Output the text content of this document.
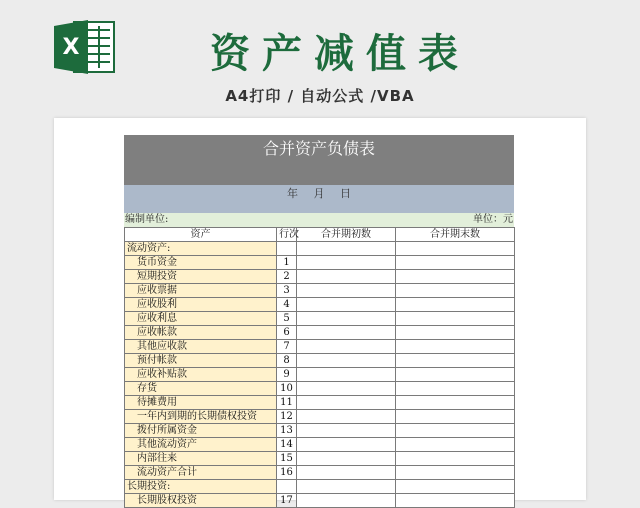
X	资产减值表
A4打印 / 自动公式 /VBA
合并资产负债表
年 月 日
编制单位:	单位：元
资产	行次	合并期初数	合并期末数
流动资产:			
货币资金	1		
短期投资	2		
应收票据	3		
应收股利	4		
应收利息	5		
应收帐款	6		
其他应收款	7		
预付帐款	8		
应收补贴款	9		
存货	10		
待摊费用	11		
一年内到期的长期债权投资	12		
拨付所属资金	13		
其他流动资产	14		
内部往来	15		
流动资产合计	16		
长期投资:			
长期股权投资	17		
